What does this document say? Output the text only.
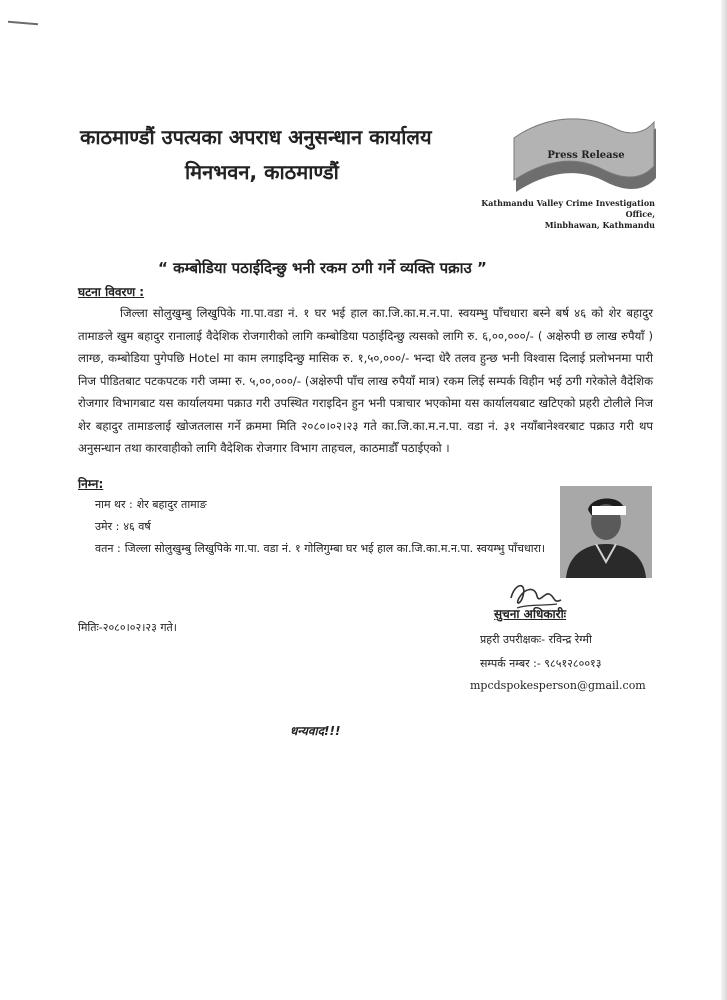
काठमाण्डौं उपत्यका अपराध अनुसन्धान कार्यालय
मिनभवन, काठमाण्डौं
Press Release
Kathmandu Valley Crime Investigation Office,
Minbhawan, Kathmandu
“ कम्बोडिया पठाईदिन्छु भनी रकम ठगी गर्ने व्यक्ति पक्राउ ”
घटना विवरण :
जिल्ला सोलुखुम्बु लिखुपिके गा.पा.वडा नं. १ घर भई हाल का.जि.का.म.न.पा. स्वयम्भु पाँचधारा बस्ने बर्ष ४६ को शेर बहादुर तामाङले खुम बहादुर रानालाई वैदेशिक रोजगारीको लागि कम्बोडिया पठाईदिन्छु त्यसको लागि रु. ६,००,०००/- ( अक्षेरुपी छ लाख रुपैयाँ ) लाग्छ, कम्बोडिया पुगेपछि Hotel मा काम लगाइदिन्छु मासिक रु. १,५०,०००/- भन्दा धेरै तलव हुन्छ भनी विश्वास दिलाई प्रलोभनमा पारी निज पीडितबाट पटकपटक गरी जम्मा रु. ५,००,०००/- (अक्षेरुपी पाँच लाख रुपैयाँ मात्र) रकम लिई सम्पर्क विहीन भई ठगी गरेकोले वैदेशिक रोजगार विभागबाट यस कार्यालयमा पक्राउ गरी उपस्थित गराइदिन हुन भनी पत्राचार भएकोमा यस कार्यालयबाट खटिएको प्रहरी टोलीले निज शेर बहादुर तामाङलाई खोजतलास गर्ने क्रममा मिति २०८०।०२।२३ गते का.जि.का.म.न.पा. वडा नं. ३१ नयाँबानेश्वरबाट पक्राउ गरी थप अनुसन्धान तथा कारवाहीको लागि वैदेशिक रोजगार विभाग ताहचल, काठमाडौँ पठाईएको ।
निम्न:
नाम थर : शेर बहादुर तामाङ
उमेर : ४६ वर्ष
वतन : जिल्ला सोलुखुम्बु लिखुपिके गा.पा. वडा नं. १ गोलिगुम्बा घर भई हाल का.जि.का.म.न.पा. स्वयम्भु पाँचधारा।
मितिः-२०८०।०२।२३ गते।
सुचना अधिकारीः
प्रहरी उपरीक्षकः- रविन्द्र रेग्मी
सम्पर्क नम्बर :- ९८५१२८००१३
mpcdspokesperson@gmail.com
धन्यवाद!!!
